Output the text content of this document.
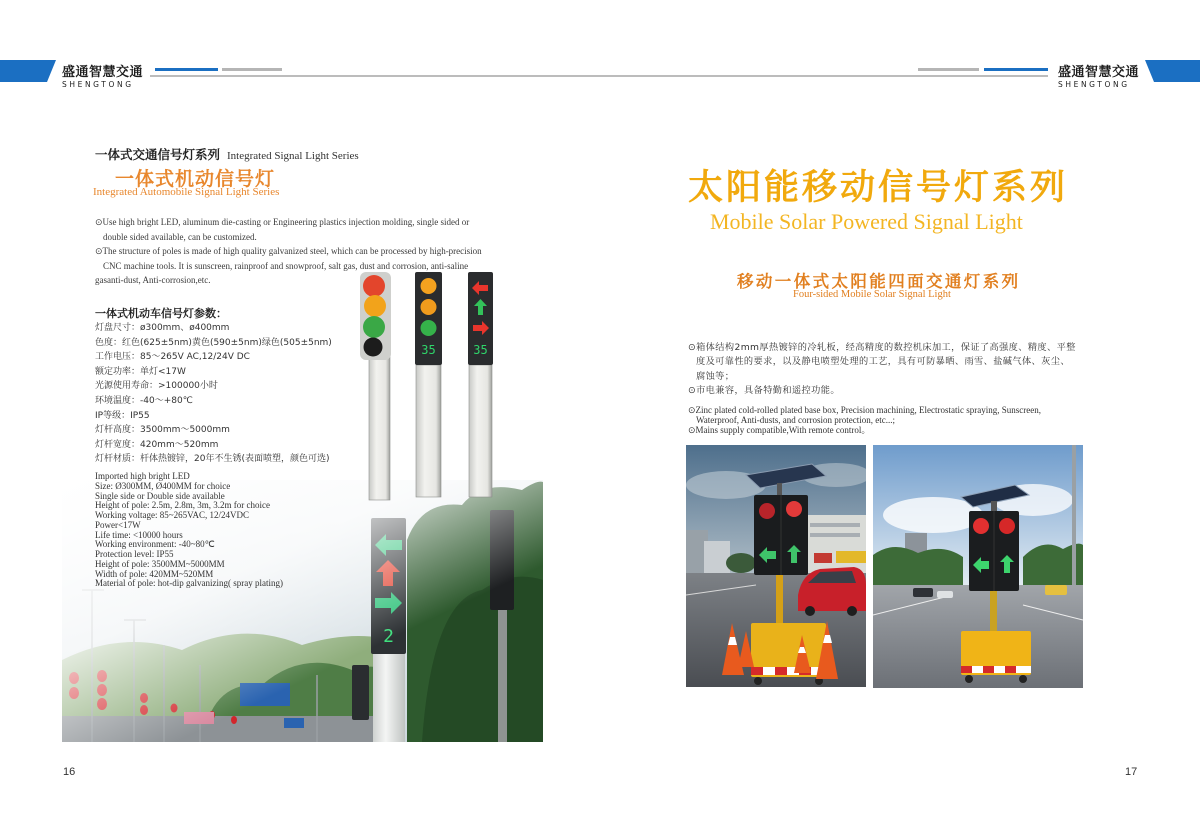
盛通智慧交通
SHENGTONG
盛通智慧交通
SHENGTONG
一体式交通信号灯系列 Integrated Signal Light Series
一体式机动信号灯
Integrated Automobile Signal Light Series
⊙Use high bright LED, aluminum die-casting or Engineering plastics injection molding, single sided or
double sided available, can be customized.
⊙The structure of poles is made of high quality galvanized steel, which can be processed by high-precision
CNC machine tools. It is sunscreen, rainproof and snowproof, salt gas, dust and corrosion, anti-saline
gasanti-dust, Anti-corrosion,etc.
一体式机动车信号灯参数：
灯盘尺寸：ø300mm、ø400mm
色度：红色(625±5nm)黄色(590±5nm)绿色(505±5nm)
工作电压：85～265V AC,12/24V DC
额定功率：单灯<17W
光源使用寿命：>100000小时
环境温度：-40～+80℃
IP等级：IP55
灯杆高度：3500mm～5000mm
灯杆宽度：420mm～520mm
灯杆材质：杆体热镀锌，20年不生锈(表面喷塑，颜色可选)
Imported high bright LED
Size: Ø300MM, Ø400MM for choice
Single side or Double side available
Height of pole: 2.5m, 2.8m, 3m, 3.2m for choice
Working voltage: 85~265VAC, 12/24VDC
Power<17W
Life time: <10000 hours
Working environment: -40~80℃
Protection level: IP55
Height of pole: 3500MM~5000MM
Width of pole: 420MM~520MM
Material of pole: hot-dip galvanizing( spray plating)
35	35
16
太阳能移动信号灯系列
Mobile Solar Powered Signal Light
移动一体式太阳能四面交通灯系列
Four-sided Mobile Solar Signal Light
⊙箱体结构2mm厚热镀锌的冷轧板，经高精度的数控机床加工，保证了高强度、精度、平整
度及可靠性的要求，以及静电喷塑处理的工艺，具有可防暴晒、雨雪、盐碱气体、灰尘、
腐蚀等；
⊙市电兼容，具备特勤和遥控功能。
⊙Zinc plated cold-rolled plated base box, Precision machining, Electrostatic spraying, Sunscreen,
Waterproof, Anti-dusts, and corrosion protection, etc...;
⊙Mains supply compatible,With remote control。
17
